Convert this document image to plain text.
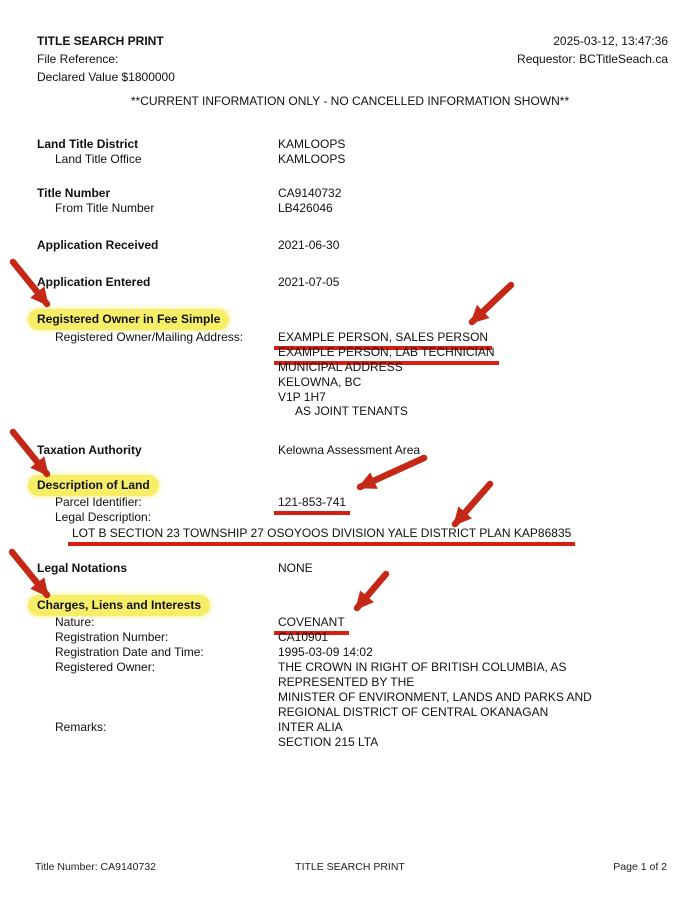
TITLE SEARCH PRINT	2025-03-12, 13:47:36
File Reference:	Requestor: BCTitleSeach.ca
Declared Value $1800000
**CURRENT INFORMATION ONLY - NO CANCELLED INFORMATION SHOWN**
Land Title District	KAMLOOPS
Land Title Office	KAMLOOPS
Title Number	CA9140732
From Title Number	LB426046
Application Received	2021-06-30
Application Entered	2021-07-05
Registered Owner in Fee Simple
Registered Owner/Mailing Address:	EXAMPLE PERSON, SALES PERSON
EXAMPLE PERSON, LAB TECHNICIAN
MUNICIPAL ADDRESS
KELOWNA, BC
V1P 1H7
AS JOINT TENANTS
Taxation Authority	Kelowna Assessment Area
Description of Land
Parcel Identifier:	121-853-741
Legal Description:
LOT B SECTION 23 TOWNSHIP 27 OSOYOOS DIVISION YALE DISTRICT PLAN KAP86835
Legal Notations	NONE
Charges, Liens and Interests
Nature:	COVENANT
Registration Number:	CA10901
Registration Date and Time:	1995-03-09 14:02
Registered Owner:	THE CROWN IN RIGHT OF BRITISH COLUMBIA, AS
REPRESENTED BY THE
MINISTER OF ENVIRONMENT, LANDS AND PARKS AND
REGIONAL DISTRICT OF CENTRAL OKANAGAN
Remarks:	INTER ALIA
SECTION 215 LTA
Title Number: CA9140732	TITLE SEARCH PRINT	Page 1 of 2
